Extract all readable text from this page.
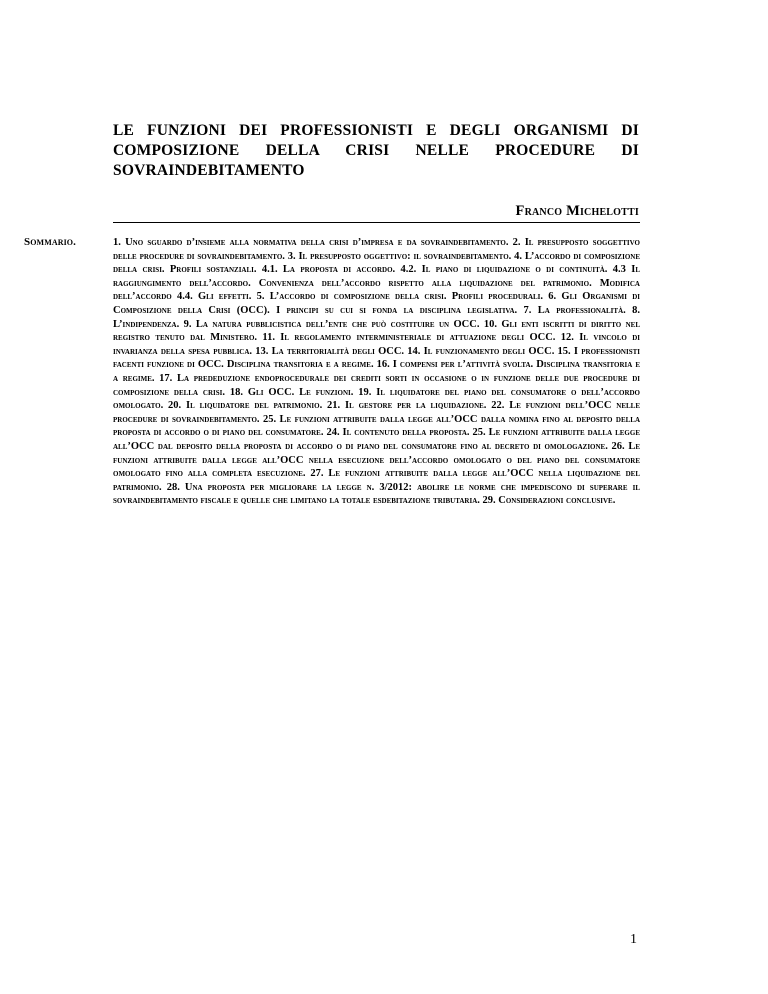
LE FUNZIONI DEI PROFESSIONISTI E DEGLI ORGANISMI DI COMPOSIZIONE DELLA CRISI NELLE PROCEDURE DI SOVRAINDEBITAMENTO
Franco Michelotti
Sommario.	1. Uno sguardo d’insieme alla normativa della crisi d’impresa e da sovraindebitamento. 2. Il presupposto soggettivo delle procedure di sovraindebitamento. 3. Il presupposto oggettivo: il sovraindebitamento. 4. L’accordo di composizione della crisi. Profili sostanziali. 4.1. La proposta di accordo. 4.2. Il piano di liquidazione o di continuità. 4.3 Il raggiungimento dell’accordo. Convenienza dell’accordo rispetto alla liquidazione del patrimonio. Modifica dell’accordo 4.4. Gli effetti. 5. L’accordo di composizione della crisi. Profili procedurali. 6. Gli Organismi di Composizione della Crisi (OCC). I principi su cui si fonda la disciplina legislativa. 7. La professionalità. 8. L’indipendenza. 9. La natura pubblicistica dell’ente che può costituire un OCC. 10. Gli enti iscritti di diritto nel registro tenuto dal Ministero. 11. Il regolamento interministeriale di attuazione degli OCC. 12. Il vincolo di invarianza della spesa pubblica. 13. La territorialità degli OCC. 14. Il funzionamento degli OCC. 15. I professionisti facenti funzione di OCC. Disciplina transitoria e a regime. 16. I compensi per l’attività svolta. Disciplina transitoria e a regime. 17. La prededuzione endoprocedurale dei crediti sorti in occasione o in funzione delle due procedure di composizione della crisi. 18. Gli OCC. Le funzioni. 19. Il liquidatore del piano del consumatore o dell’accordo omologato. 20. Il liquidatore del patrimonio. 21. Il gestore per la liquidazione. 22. Le funzioni dell’OCC nelle procedure di sovraindebitamento. 25. Le funzioni attribuite dalla legge all’OCC dalla nomina fino al deposito della proposta di accordo o di piano del consumatore. 24. Il contenuto della proposta. 25. Le funzioni attribuite dalla legge all’OCC dal deposito della proposta di accordo o di piano del consumatore fino al decreto di omologazione. 26. Le funzioni attribuite dalla legge all’OCC nella esecuzione dell’accordo omologato o del piano del consumatore omologato fino alla completa esecuzione. 27. Le funzioni attribuite dalla legge all’OCC nella liquidazione del patrimonio. 28. Una proposta per migliorare la legge n. 3/2012: abolire le norme che impediscono di superare il sovraindebitamento fiscale e quelle che limitano la totale esdebitazione tributaria. 29. Considerazioni conclusive.

1
